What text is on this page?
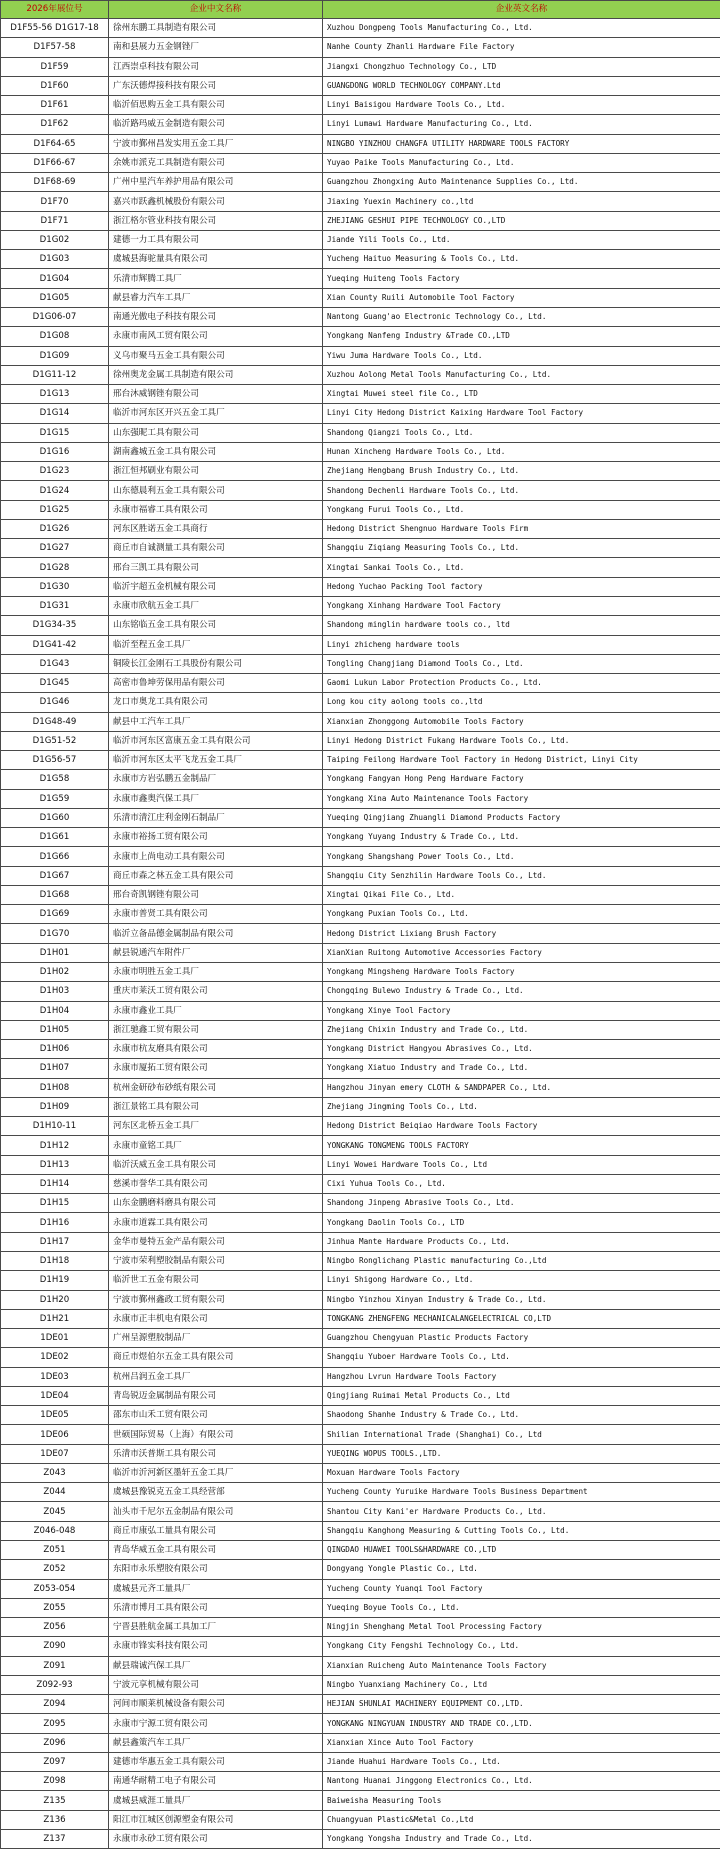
2026年展位号	企业中文名称	企业英文名称
D1F55-56 D1G17-18	徐州东鹏工具制造有限公司	Xuzhou Dongpeng Tools Manufacturing Co., Ltd.
D1F57-58	南和县展力五金钢锉厂	Nanhe County Zhanli Hardware File Factory
D1F59	江西崇卓科技有限公司	Jiangxi Chongzhuo Technology Co., LTD
D1F60	广东沃德焊接科技有限公司	GUANGDONG WORLD TECHNOLOGY COMPANY.Ltd
D1F61	临沂佰思购五金工具有限公司	Linyi Baisigou Hardware Tools Co., Ltd.
D1F62	临沂路玛威五金制造有限公司	Linyi Lumawi Hardware Manufacturing Co., Ltd.
D1F64-65	宁波市鄞州昌发实用五金工具厂	NINGBO YINZHOU CHANGFA UTILITY HARDWARE TOOLS FACTORY
D1F66-67	余姚市派克工具制造有限公司	Yuyao Paike Tools Manufacturing Co., Ltd.
D1F68-69	广州中星汽车养护用品有限公司	Guangzhou Zhongxing Auto Maintenance Supplies Co., Ltd.
D1F70	嘉兴市跃鑫机械股份有限公司	Jiaxing Yuexin Machinery co.,ltd
D1F71	浙江格尔管业科技有限公司	ZHEJIANG GESHUI PIPE TECHNOLOGY CO.,LTD
D1G02	建德一力工具有限公司	Jiande Yili Tools Co., Ltd.
D1G03	虞城县海驼量具有限公司	Yucheng Haituo Measuring & Tools Co., Ltd.
D1G04	乐清市辉腾工具厂	Yueqing Huiteng Tools Factory
D1G05	献县睿力汽车工具厂	Xian County Ruili Automobile Tool Factory
D1G06-07	南通光傲电子科技有限公司	Nantong Guang'ao Electronic Technology Co., Ltd.
D1G08	永康市南风工贸有限公司	Yongkang Nanfeng Industry &Trade CO.,LTD
D1G09	义乌市聚马五金工具有限公司	Yiwu Juma Hardware Tools Co., Ltd.
D1G11-12	徐州奥龙金属工具制造有限公司	Xuzhou Aolong Metal Tools Manufacturing Co., Ltd.
D1G13	邢台沐威钢锉有限公司	Xingtai Muwei steel file Co., LTD
D1G14	临沂市河东区开兴五金工具厂	Linyi City Hedong District Kaixing Hardware Tool Factory
D1G15	山东强昵工具有限公司	Shandong Qiangzi Tools Co., Ltd.
D1G16	湖南鑫城五金工具有限公司	Hunan Xincheng Hardware Tools Co., Ltd.
D1G23	浙江恒邦刷业有限公司	Zhejiang Hengbang Brush Industry Co., Ltd.
D1G24	山东德晨利五金工具有限公司	Shandong Dechenli Hardware Tools Co., Ltd.
D1G25	永康市福睿工具有限公司	Yongkang Furui Tools Co., Ltd.
D1G26	河东区胜诺五金工具商行	Hedong District Shengnuo Hardware Tools Firm
D1G27	商丘市自诚测量工具有限公司	Shangqiu Ziqiang Measuring Tools Co., Ltd.
D1G28	邢台三凯工具有限公司	Xingtai Sankai Tools Co., Ltd.
D1G30	临沂宇超五金机械有限公司	Hedong Yuchao Packing Tool factory
D1G31	永康市欣航五金工具厂	Yongkang Xinhang Hardware Tool Factory
D1G34-35	山东铭临五金工具有限公司	Shandong minglin hardware tools co., ltd
D1G41-42	临沂至程五金工具厂	Linyi zhicheng hardware tools
D1G43	铜陵长江金刚石工具股份有限公司	Tongling Changjiang Diamond Tools Co., Ltd.
D1G45	高密市鲁坤劳保用品有限公司	Gaomi Lukun Labor Protection Products Co., Ltd.
D1G46	龙口市奥龙工具有限公司	Long kou city aolong tools co.,ltd
D1G48-49	献县中工汽车工具厂	Xianxian Zhonggong Automobile Tools Factory
D1G51-52	临沂市河东区富康五金工具有限公司	Linyi Hedong District Fukang Hardware Tools Co., Ltd.
D1G56-57	临沂市河东区太平飞龙五金工具厂	Taiping Feilong Hardware Tool Factory in Hedong District, Linyi City
D1G58	永康市方岩弘鹏五金制品厂	Yongkang Fangyan Hong Peng Hardware Factory
D1G59	永康市鑫奥汽保工具厂	Yongkang Xina Auto Maintenance Tools Factory
D1G60	乐清市清江庄利金刚石制品厂	Yueqing Qingjiang Zhuangli Diamond Products Factory
D1G61	永康市裕扬工贸有限公司	Yongkang Yuyang Industry & Trade Co., Ltd.
D1G66	永康市上尚电动工具有限公司	Yongkang Shangshang Power Tools Co., Ltd.
D1G67	商丘市森之林五金工具有限公司	Shangqiu City Senzhilin Hardware Tools Co., Ltd.
D1G68	邢台奇凯钢锉有限公司	Xingtai Qikai File Co., Ltd.
D1G69	永康市普贤工具有限公司	Yongkang Puxian Tools Co., Ltd.
D1G70	临沂立备品德金属制品有限公司	Hedong District Lixiang Brush Factory
D1H01	献县锐通汽车附件厂	XianXian Ruitong Automotive Accessories Factory
D1H02	永康市明胜五金工具厂	Yongkang Mingsheng Hardware Tools Factory
D1H03	重庆市莱沃工贸有限公司	Chongqing Bulewo Industry & Trade Co., Ltd.
D1H04	永康市鑫业工具厂	Yongkang Xinye Tool Factory
D1H05	浙江驰鑫工贸有限公司	Zhejiang Chixin Industry and Trade Co., Ltd.
D1H06	永康市杭友磨具有限公司	Yongkang District Hangyou Abrasives Co., Ltd.
D1H07	永康市厦拓工贸有限公司	Yongkang Xiatuo Industry and Trade Co., Ltd.
D1H08	杭州金研砂布砂纸有限公司	Hangzhou Jinyan emery CLOTH & SANDPAPER Co., Ltd.
D1H09	浙江景铭工具有限公司	Zhejiang Jingming Tools Co., Ltd.
D1H10-11	河东区北桥五金工具厂	Hedong District Beiqiao Hardware Tools Factory
D1H12	永康市童铭工具厂	YONGKANG TONGMENG TOOLS FACTORY
D1H13	临沂沃威五金工具有限公司	Linyi Wowei Hardware Tools Co., Ltd
D1H14	慈溪市誉华工具有限公司	Cixi Yuhua Tools Co., Ltd.
D1H15	山东金鹏磨料磨具有限公司	Shandong Jinpeng Abrasive Tools Co., Ltd.
D1H16	永康市道霖工具有限公司	Yongkang Daolin Tools Co., LTD
D1H17	金华市曼特五金产品有限公司	Jinhua Mante Hardware Products Co., Ltd.
D1H18	宁波市荣利塑胶制品有限公司	Ningbo Ronglichang Plastic manufacturing Co.,Ltd
D1H19	临沂世工五金有限公司	Linyi Shigong Hardware Co., Ltd.
D1H20	宁波市鄞州鑫政工贸有限公司	Ningbo Yinzhou Xinyan Industry & Trade Co., Ltd.
D1H21	永康市正丰机电有限公司	TONGKANG ZHENGFENG MECHANICALANGELECTRICAL CO,LTD
1DE01	广州呈源塑胶制品厂	Guangzhou Chengyuan Plastic Products Factory
1DE02	商丘市煜伯尔五金工具有限公司	Shangqiu Yuboer Hardware Tools Co., Ltd.
1DE03	杭州吕润五金工具厂	Hangzhou Lvrun Hardware Tools Factory
1DE04	青岛锐迈金属制品有限公司	Qingjiang Ruimai Metal Products Co., Ltd
1DE05	邵东市山禾工贸有限公司	Shaodong Shanhe Industry & Trade Co., Ltd.
1DE06	世硕国际贸易（上海）有限公司	Shilian International Trade (Shanghai) Co., Ltd
1DE07	乐清市沃普斯工具有限公司	YUEQING WOPUS TOOLS.,LTD.
Z043	临沂市沂河新区墨轩五金工具厂	Moxuan Hardware Tools Factory
Z044	虞城县豫锐克五金工具经营部	Yucheng County Yuruike Hardware Tools Business Department
Z045	汕头市千尼尔五金制品有限公司	Shantou City Kani'er Hardware Products Co., Ltd.
Z046-048	商丘市康弘工量具有限公司	Shangqiu Kanghong Measuring & Cutting Tools Co., Ltd.
Z051	青岛华威五金工具有限公司	QINGDAO HUAWEI TOOLS&HARDWARE CO.,LTD
Z052	东阳市永乐塑胶有限公司	Dongyang Yongle Plastic Co., Ltd.
Z053-054	虞城县元齐工量具厂	Yucheng County Yuanqi Tool Factory
Z055	乐清市博月工具有限公司	Yueqing Boyue Tools Co., Ltd.
Z056	宁晋县胜航金属工具加工厂	Ningjin Shenghang Metal Tool Processing Factory
Z090	永康市锋实科技有限公司	Yongkang City Fengshi Technology Co., Ltd.
Z091	献县瑞诚汽保工具厂	Xianxian Ruicheng Auto Maintenance Tools Factory
Z092-93	宁波元享机械有限公司	Ningbo Yuanxiang Machinery Co., Ltd
Z094	河间市顺莱机械设备有限公司	HEJIAN SHUNLAI MACHINERY EQUIPMENT CO.,LTD.
Z095	永康市宁源工贸有限公司	YONGKANG NINGYUAN INDUSTRY AND TRADE CO.,LTD.
Z096	献县鑫策汽车工具厂	Xianxian Xince Auto Tool Factory
Z097	建德市华惠五金工具有限公司	Jiande Huahui Hardware Tools Co., Ltd.
Z098	南通华耐精工电子有限公司	Nantong Huanai Jinggong Electronics Co., Ltd.
Z135	虞城县威涯工量具厂	Baiweisha Measuring Tools
Z136	阳江市江城区创源塑金有限公司	Chuangyuan Plastic&Metal Co.,Ltd
Z137	永康市永砂工贸有限公司	Yongkang Yongsha Industry and Trade Co., Ltd.
